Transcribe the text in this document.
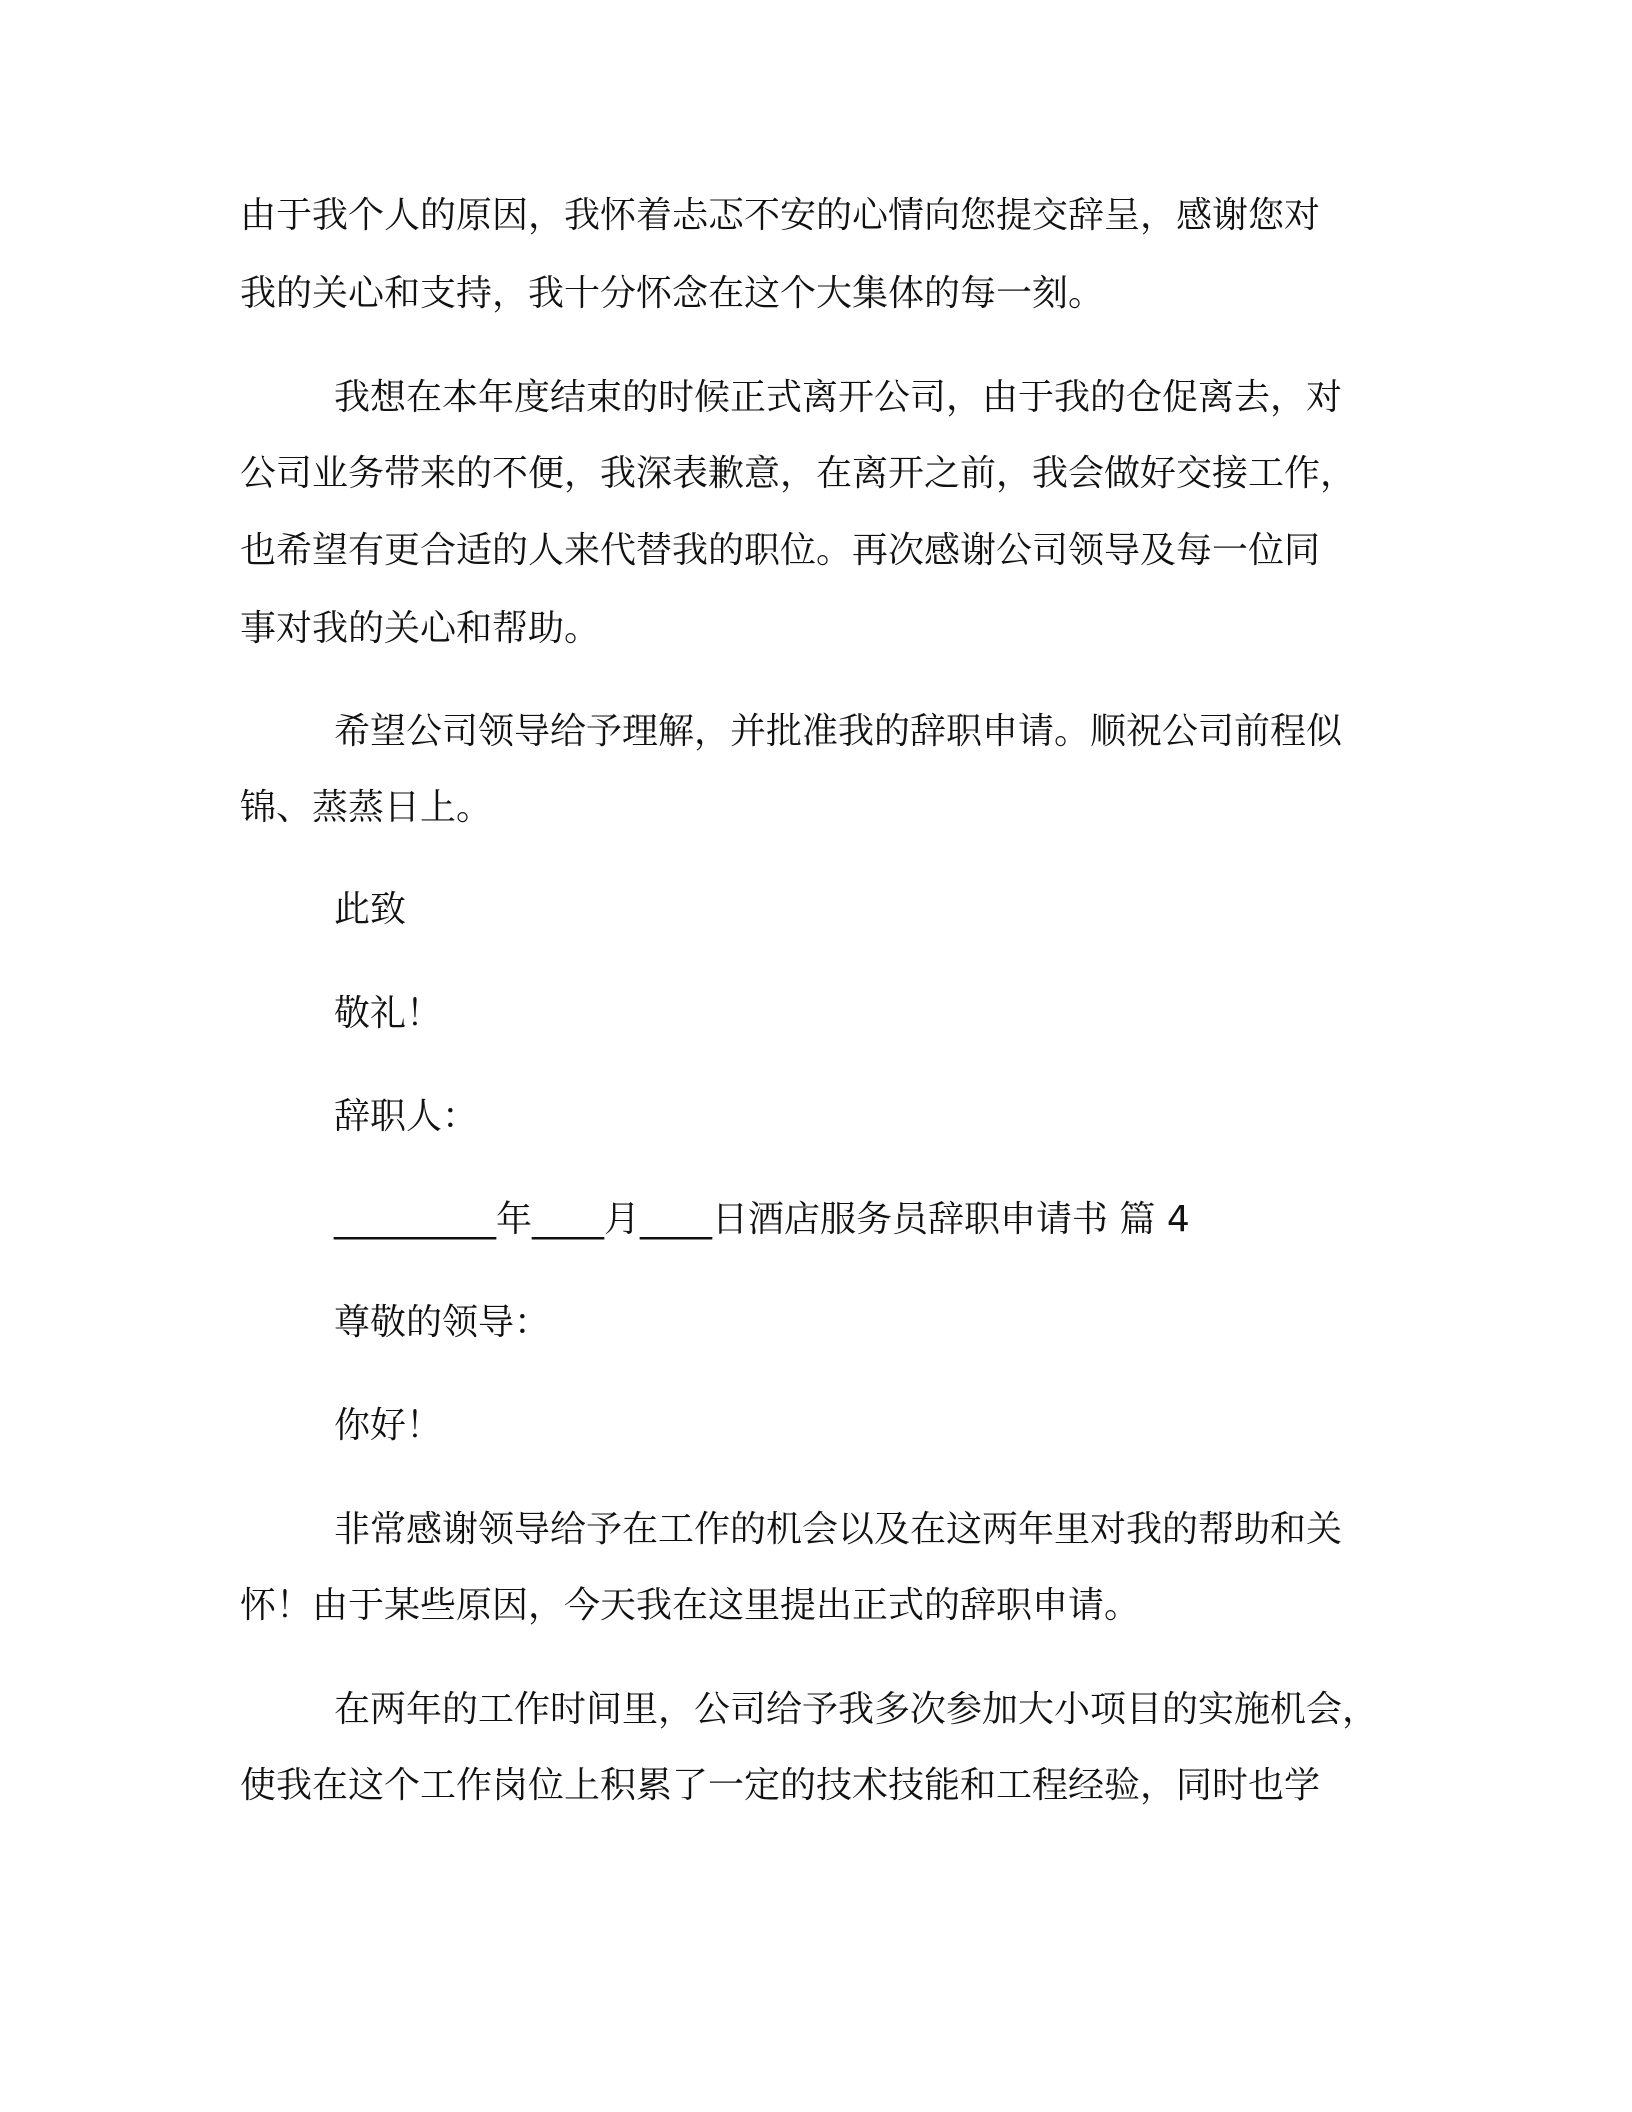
由于我个人的原因，我怀着忐忑不安的心情向您提交辞呈，感谢您对
我的关心和支持，我十分怀念在这个大集体的每一刻。
我想在本年度结束的时候正式离开公司，由于我的仓促离去，对
公司业务带来的不便，我深表歉意，在离开之前，我会做好交接工作，
也希望有更合适的人来代替我的职位。再次感谢公司领导及每一位同
事对我的关心和帮助。
希望公司领导给予理解，并批准我的辞职申请。顺祝公司前程似
锦、蒸蒸日上。
此致
敬礼！
辞职人：
_________年____月____日酒店服务员辞职申请书 篇 4
尊敬的领导：
你好！
非常感谢领导给予在工作的机会以及在这两年里对我的帮助和关
怀！由于某些原因，今天我在这里提出正式的辞职申请。
在两年的工作时间里，公司给予我多次参加大小项目的实施机会，
使我在这个工作岗位上积累了一定的技术技能和工程经验，同时也学
